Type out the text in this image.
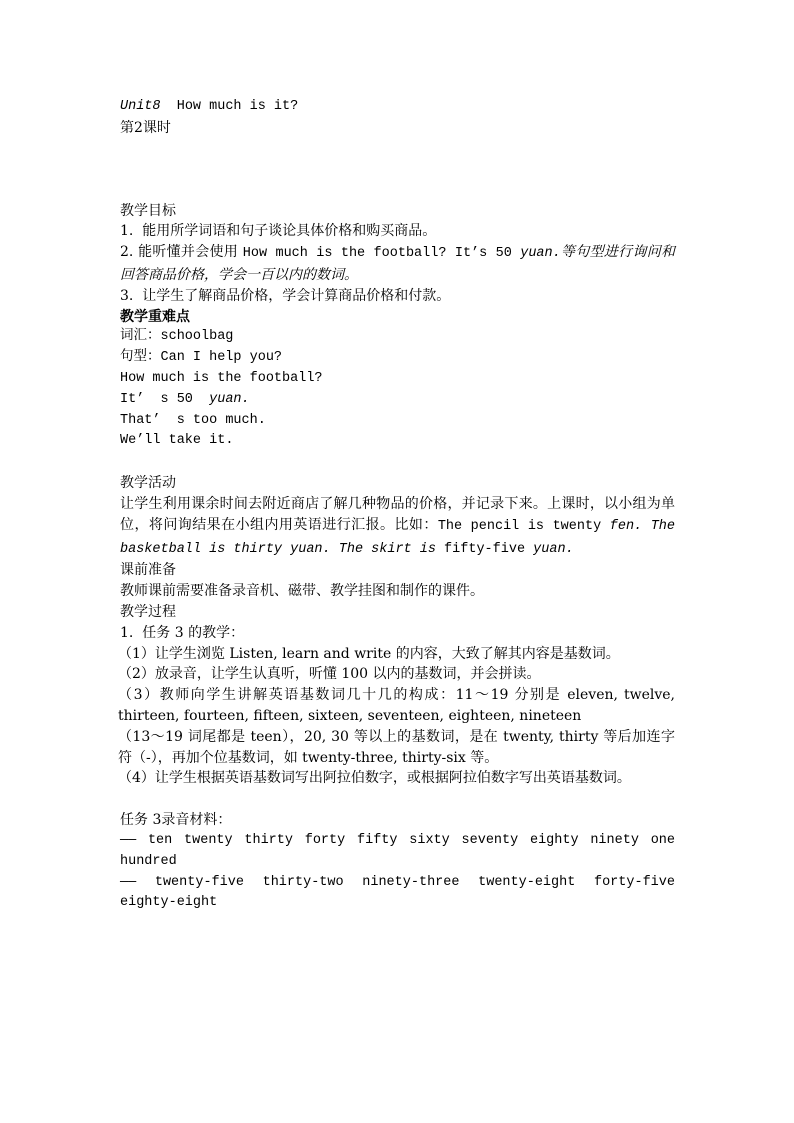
Unit8 How much is it?
第2课时
教学目标
1.  能用所学词语和句子谈论具体价格和购买商品。
2. 能听懂并会使用 How much is the football? It’s 50 yuan.等句型进行询问和回答商品价格，学会一百以内的数词。
3.  让学生了解商品价格，学会计算商品价格和付款。
教学重难点
词汇：schoolbag
句型：Can I help you?
How much is the football?
It’  s 50  yuan.
That’  s too much.
We’ll take it.
教学活动
让学生利用课余时间去附近商店了解几种物品的价格，并记录下来。上课时，以小组为单位，将问询结果在小组内用英语进行汇报。比如：The pencil is twenty fen. The basketball is thirty yuan. The skirt is fifty-five yuan.
课前准备
教师课前需要准备录音机、磁带、教学挂图和制作的课件。
教学过程
1.  任务 3 的教学：
（1）让学生浏览 Listen, learn and write 的内容，大致了解其内容是基数词。
（2）放录音，让学生认真听，听懂 100 以内的基数词，并会拼读。
（3）教师向学生讲解英语基数词几十几的构成：11～19 分别是 eleven, twelve, thirteen, fourteen, fifteen, sixteen, seventeen, eighteen, nineteen
（13～19 词尾都是 teen），20, 30 等以上的基数词，是在 twenty, thirty 等后加连字符（-），再加个位基数词，如 twenty-three, thirty-six 等。
（4）让学生根据英语基数词写出阿拉伯数字，或根据阿拉伯数字写出英语基数词。
任务 3录音材料：
—— ten twenty thirty forty fifty sixty seventy eighty ninety one hundred
—— twenty-five thirty-two ninety-three twenty-eight forty-five eighty-eight
